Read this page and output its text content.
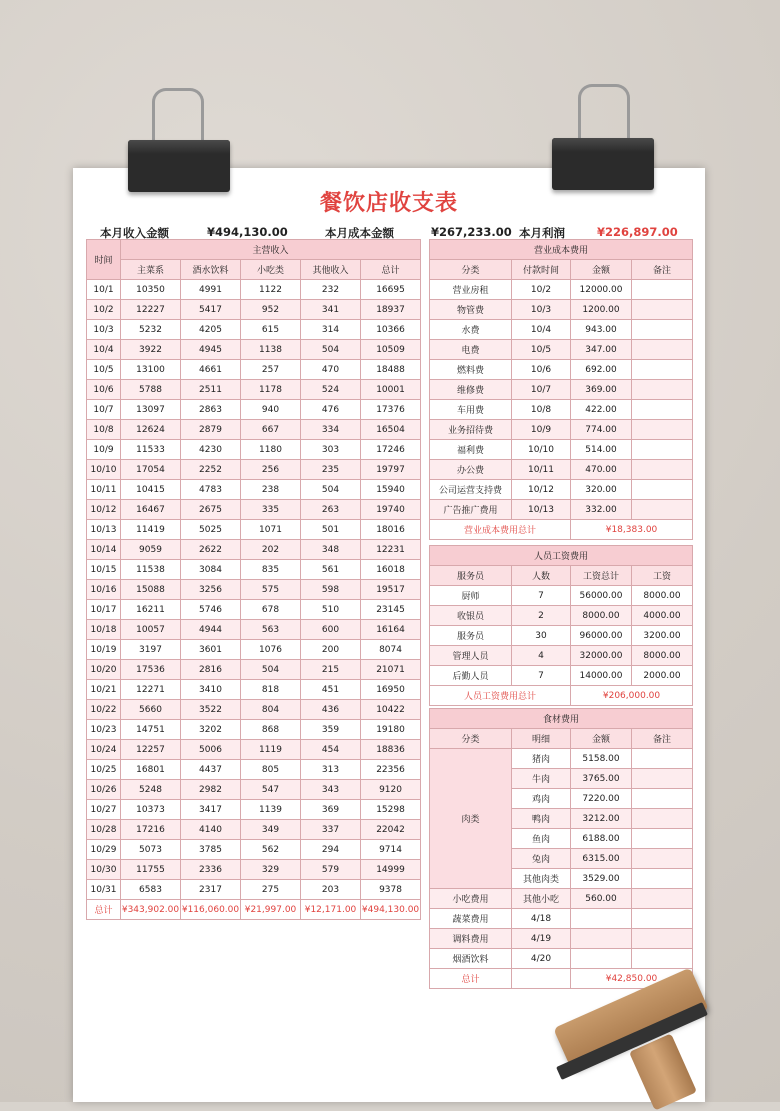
餐饮店收支表
本月收入金额	¥494,130.00	本月成本金额	¥267,233.00 本月利润	¥226,897.00
时间	主营收入				
	主菜系	酒水饮料	小吃类	其他收入	总计
10/1	10350	4991	1122	232	16695
10/2	12227	5417	952	341	18937
10/3	5232	4205	615	314	10366
10/4	3922	4945	1138	504	10509
10/5	13100	4661	257	470	18488
10/6	5788	2511	1178	524	10001
10/7	13097	2863	940	476	17376
10/8	12624	2879	667	334	16504
10/9	11533	4230	1180	303	17246
10/10	17054	2252	256	235	19797
10/11	10415	4783	238	504	15940
10/12	16467	2675	335	263	19740
10/13	11419	5025	1071	501	18016
10/14	9059	2622	202	348	12231
10/15	11538	3084	835	561	16018
10/16	15088	3256	575	598	19517
10/17	16211	5746	678	510	23145
10/18	10057	4944	563	600	16164
10/19	3197	3601	1076	200	8074
10/20	17536	2816	504	215	21071
10/21	12271	3410	818	451	16950
10/22	5660	3522	804	436	10422
10/23	14751	3202	868	359	19180
10/24	12257	5006	1119	454	18836
10/25	16801	4437	805	313	22356
10/26	5248	2982	547	343	9120
10/27	10373	3417	1139	369	15298
10/28	17216	4140	349	337	22042
10/29	5073	3785	562	294	9714
10/30	11755	2336	329	579	14999
10/31	6583	2317	275	203	9378
总计	¥343,902.00	¥116,060.00	¥21,997.00	¥12,171.00	¥494,130.00
营业成本费用			
分类	付款时间	金额	备注
营业房租	10/2	12000.00	
物管费	10/3	1200.00	
水费	10/4	943.00	
电费	10/5	347.00	
燃料费	10/6	692.00	
维修费	10/7	369.00	
车用费	10/8	422.00	
业务招待费	10/9	774.00	
福利费	10/10	514.00	
办公费	10/11	470.00	
公司运营支持费	10/12	320.00	
广告推广费用	10/13	332.00	
营业成本费用总计		¥18,383.00	
人员工资费用			
服务员	人数	工资总计	工资
厨师	7	56000.00	8000.00
收银员	2	8000.00	4000.00
服务员	30	96000.00	3200.00
管理人员	4	32000.00	8000.00
后勤人员	7	14000.00	2000.00
人员工资费用总计		¥206,000.00	
食材费用			
分类	明细	金额	备注
肉类	猪肉	5158.00	
	牛肉	3765.00	
	鸡肉	7220.00	
	鸭肉	3212.00	
	鱼肉	6188.00	
	兔肉	6315.00	
	其他肉类	3529.00	
小吃费用	其他小吃	560.00	
蔬菜费用	4/18		
调料费用	4/19		
烟酒饮料	4/20		
总计		¥42,850.00	
